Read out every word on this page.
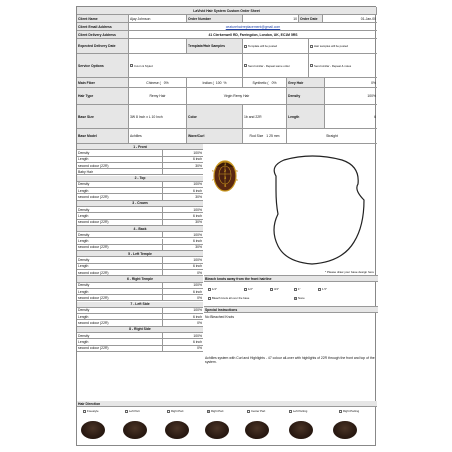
LaVivid Hair System Custom Order Sheet
Client Name	Ajay Johnson	Order Number	10 Order Date	01-Jan-00
Client Email Address	ceaturehairreplacement@gmail.com
Client Delivery Address	41 Clerkenwell RD, Farringdon, London, UK, EC1M 5RS
Expected Delivery Date	Template/Hair Samples	Template will be posted	Hair samples will be posted
Service Options	Cut-in & Styled	Send similar - Repeat same order	Send similar - Repeat & notes
Main Fiber	Chinese ( 0%	Indian ( 100 %	Synthetic ( 0%	Grey Hair	0%
Hair Type	Remy Hair	Virgin Remy Hair	Density	100%
Base Size	3W 8 Inch x L 10 Inch	Color	1b and 22R	Length	6
Base Model	Achilles	Wave/Curl	Rod Size 1 25 mm	Straight
1 - Front
Density	100%
Length	6 inch
second colour (22R)	30%
Baby Hair
2 - Top
Density	100%
Length	6 inch
second colour (22R)	30%
3 - Crown
Density	100%
Length	6 inch
second colour (22R)	30%
4 - Back
Density	100%
Length	6 inch
second colour (22R)	30%
5 - Left Temple
Density	100%
Length	6 inch
second colour (22R)	0%
6 - Right Temple
Density	100%
Length	6 inch
second colour (22R)	0%
7 - Left Side
Density	100%
Length	6 inch
second colour (22R)	0%
8 - Right Side
Density	100%
Length	6 inch
second colour (22R)	0%
1
2
3
4
5	6
7	8
* Please draw your base design here
Bleach knots away from the front hairline
1/4"	1/2"	3/4"	1"	1.5"
Bleach knots all over the base	None
Special Instructions
No Bleached Knots
Achilles system with Curl and Highlights - 47 colour all-over with highlights of 22R through the front and top of the system.
Hair Direction
Freestyle	Left Part	Right Part	Right Part	Center Part	Left Parting	Right Parting
